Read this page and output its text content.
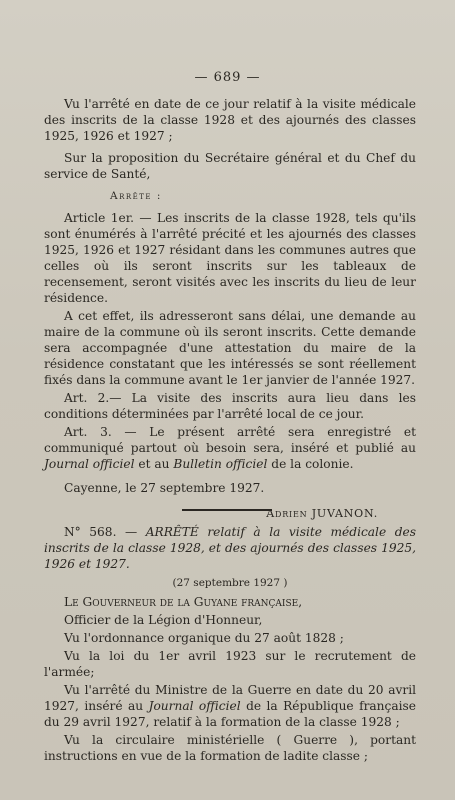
— 689 —

Vu l'arrêté en date de ce jour relatif à la visite médicale des inscrits de la classe 1928 et des ajournés des classes 1925, 1926 et 1927 ;

Sur la proposition du Secrétaire général et du Chef du service de Santé,

Arrête :

Article 1er. — Les inscrits de la classe 1928, tels qu'ils sont énumérés à l'arrêté précité et les ajournés des classes 1925, 1926 et 1927 résidant dans les communes autres que celles où ils seront inscrits sur les tableaux de recensement, seront visités avec les inscrits du lieu de leur résidence.

A cet effet, ils adresseront sans délai, une demande au maire de la commune où ils seront inscrits. Cette demande sera accompagnée d'une attestation du maire de la résidence constatant que les intéressés se sont réellement fixés dans la commune avant le 1er janvier de l'année 1927.

Art. 2.— La visite des inscrits aura lieu dans les conditions déterminées par l'arrêté local de ce jour.

Art. 3. — Le présent arrêté sera enregistré et communiqué partout où besoin sera, inséré et publié au Journal officiel et au Bulletin officiel de la colonie.

Cayenne, le 27 septembre 1927.

Adrien JUVANON.

N° 568. — ARRÊTÉ relatif à la visite médicale des inscrits de la classe 1928, et des ajournés des classes 1925, 1926 et 1927.

(27 septembre 1927 )

Le Gouverneur de la Guyane française,

Officier de la Légion d'Honneur,

Vu l'ordonnance organique du 27 août 1828 ;

Vu la loi du 1er avril 1923 sur le recrutement de l'armée;

Vu l'arrêté du Ministre de la Guerre en date du 20 avril 1927, inséré au Journal officiel de la République française du 29 avril 1927, relatif à la formation de la classe 1928 ;

Vu la circulaire ministérielle ( Guerre ), portant instructions en vue de la formation de ladite classe ;
